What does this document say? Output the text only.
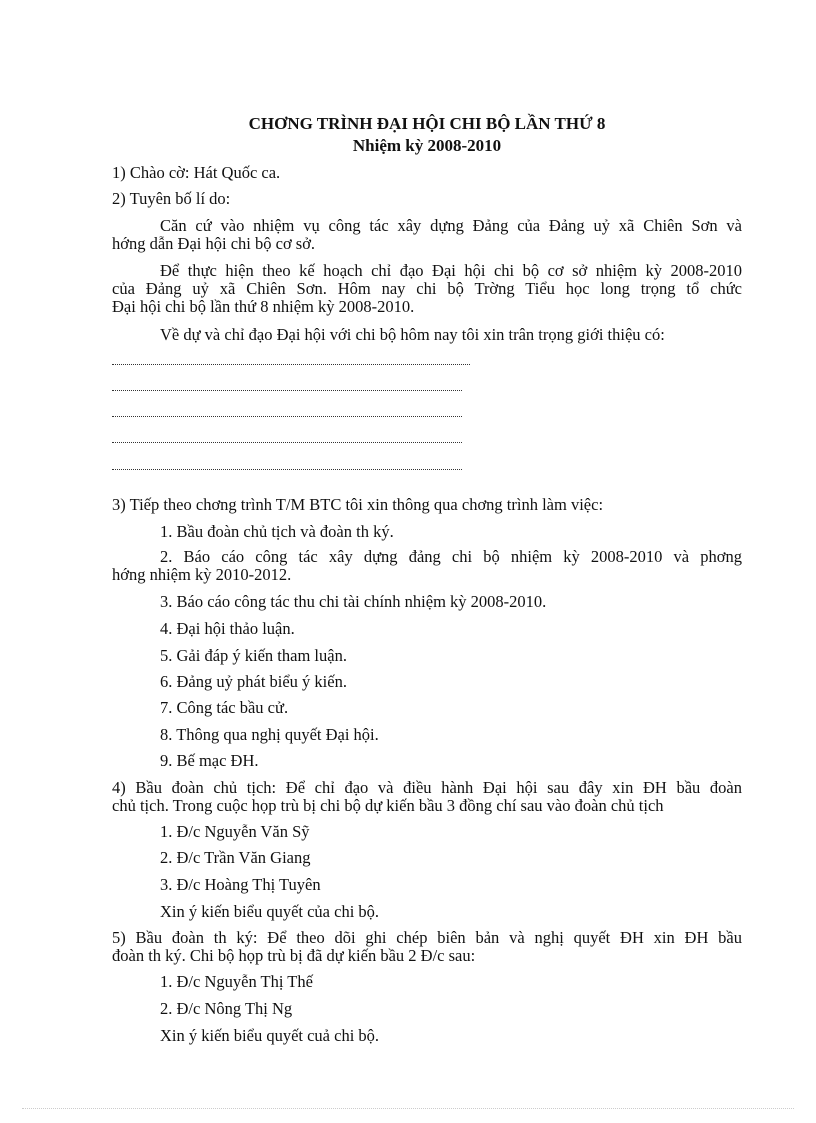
CHƠNG TRÌNH ĐẠI HỘI CHI BỘ LẦN THỨ 8
Nhiệm kỳ 2008-2010
1) Chào cờ: Hát Quốc ca.
2) Tuyên bố lí do:
Căn cứ vào nhiệm vụ công tác xây dựng Đảng của Đảng uỷ xã Chiên Sơn và
hớng dẫn Đại hội chi bộ cơ sở.
Để thực hiện theo kế hoạch chỉ đạo Đại hội chi bộ cơ sở nhiệm kỳ 2008-2010
của Đảng uỷ xã Chiên Sơn. Hôm nay chi bộ Trờng Tiểu học long trọng tổ chức
Đại hội chi bộ lần thứ 8 nhiệm kỳ 2008-2010.
Về dự và chỉ đạo Đại hội với chi bộ hôm nay tôi xin trân trọng giới thiệu có:
3) Tiếp theo chơng trình T/M BTC tôi xin thông qua chơng trình làm việc:
1. Bầu đoàn chủ tịch và đoàn th ký.
2. Báo cáo công tác xây dựng đảng chi bộ nhiệm kỳ 2008-2010 và phơng
hớng nhiệm kỳ 2010-2012.
3. Báo cáo công tác thu chi tài chính nhiệm kỳ 2008-2010.
4. Đại hội thảo luận.
5. Gải đáp ý kiến tham luận.
6. Đảng uỷ phát biểu ý kiến.
7. Công tác bầu cử.
8. Thông qua nghị quyết Đại hội.
9. Bế mạc ĐH.
4) Bầu đoàn chủ tịch: Để chỉ đạo và điều hành Đại hội sau đây xin ĐH bầu đoàn
chủ tịch. Trong cuộc họp trù bị chi bộ dự kiến bầu 3 đồng chí sau vào đoàn chủ tịch
1. Đ/c Nguyễn Văn Sỹ
2. Đ/c Trần Văn Giang
3. Đ/c Hoàng Thị Tuyên
Xin ý kiến biểu quyết của chi bộ.
5) Bầu đoàn th ký: Để theo dõi ghi chép biên bản và nghị quyết ĐH xin ĐH bầu
đoàn th ký. Chi bộ họp trù bị đã dự kiến bầu 2 Đ/c sau:
1. Đ/c Nguyễn Thị Thế
2. Đ/c Nông Thị Ng
Xin ý kiến biểu quyết cuả chi bộ.
